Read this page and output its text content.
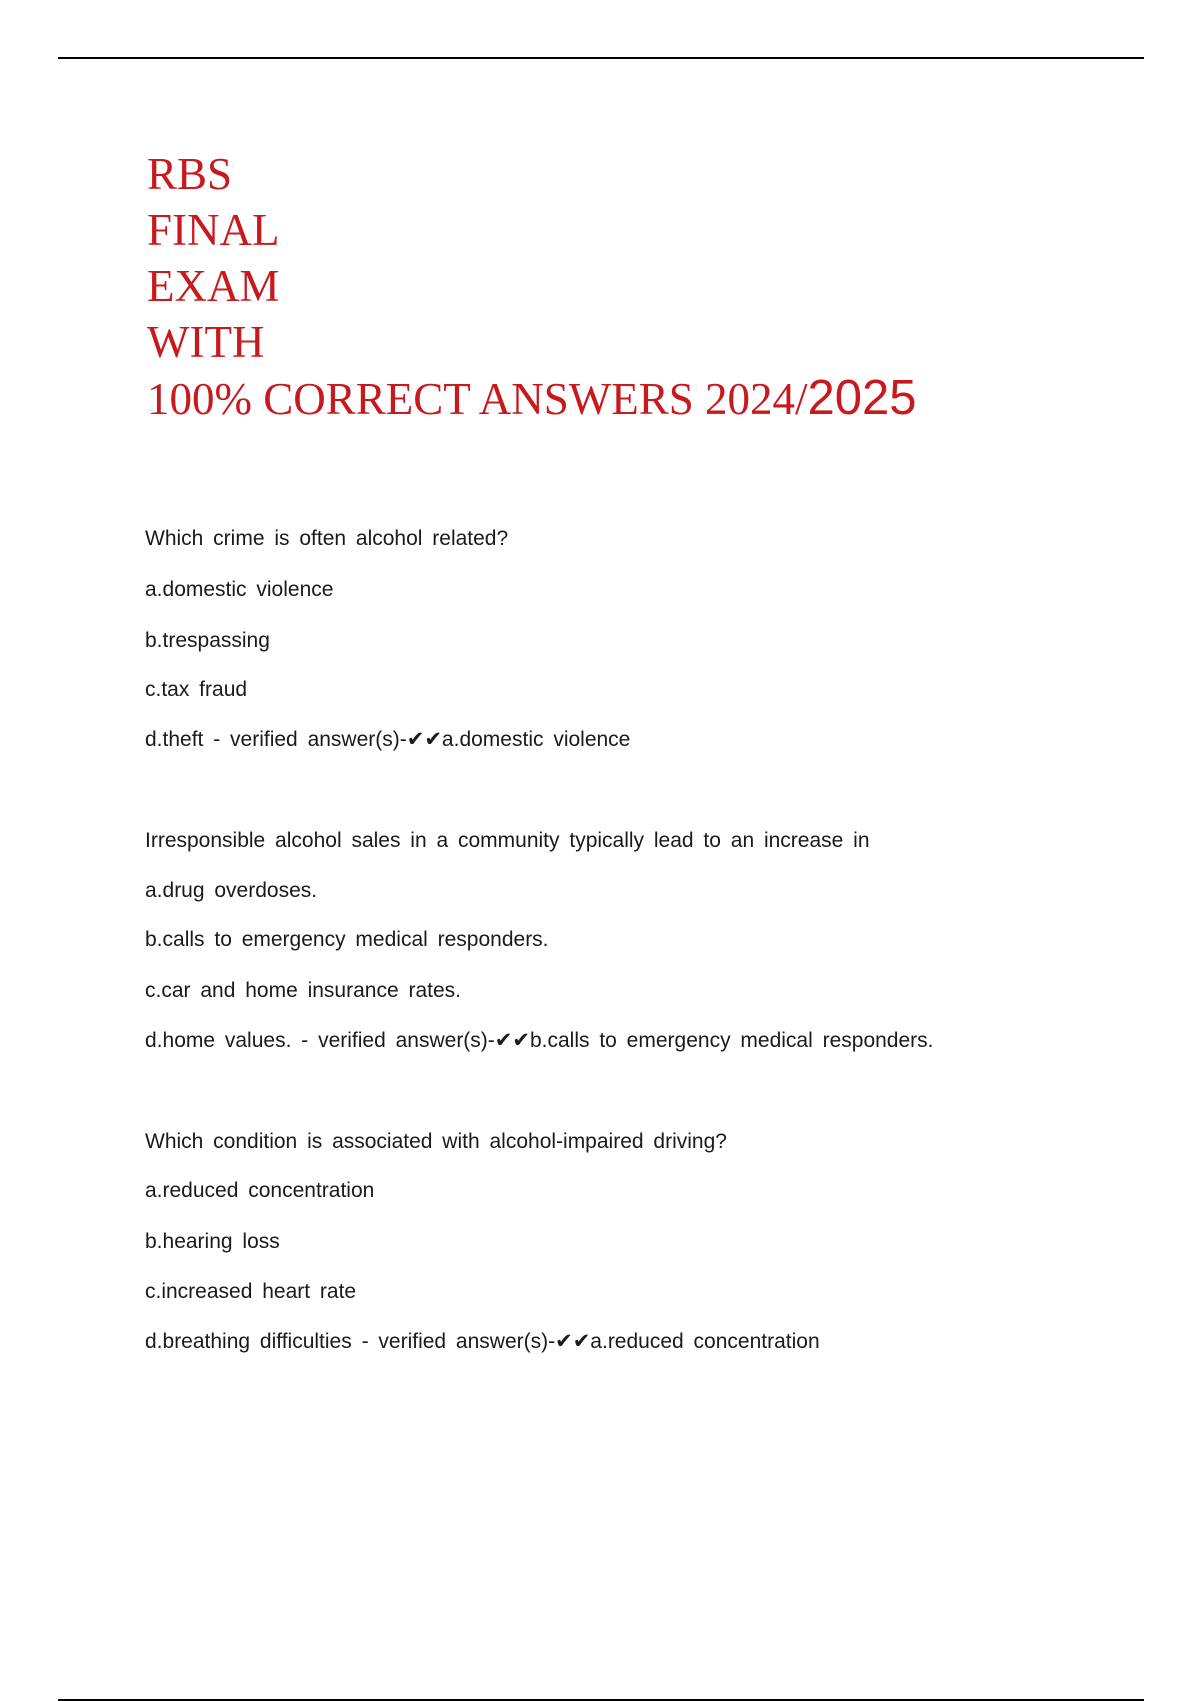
RBS
FINAL
EXAM
WITH
100% CORRECT ANSWERS 2024/2025
Which crime is often alcohol related?
a.domestic violence
b.trespassing
c.tax fraud
d.theft - verified answer(s)-✔✔a.domestic violence
Irresponsible alcohol sales in a community typically lead to an increase in
a.drug overdoses.
b.calls to emergency medical responders.
c.car and home insurance rates.
d.home values. - verified answer(s)-✔✔b.calls to emergency medical responders.
Which condition is associated with alcohol-impaired driving?
a.reduced concentration
b.hearing loss
c.increased heart rate
d.breathing difficulties - verified answer(s)-✔✔a.reduced concentration
